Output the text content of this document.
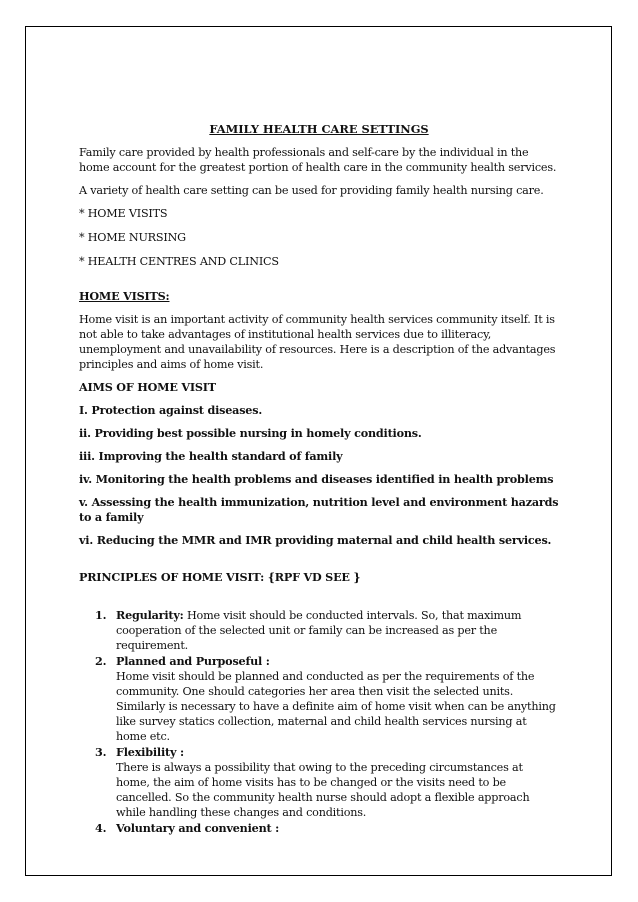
FAMILY HEALTH CARE SETTINGS

Family care provided by health professionals and self-care by the individual in the home account for the greatest portion of health care in the community health services.

A variety of health care setting can be used for providing family health nursing care.

* HOME VISITS

* HOME NURSING

* HEALTH CENTRES AND CLINICS

HOME VISITS:

Home visit is an important activity of community health services community itself. It is not able to take advantages of institutional health services due to illiteracy, unemployment and unavailability of resources. Here is a description of the advantages principles and aims of home visit.

AIMS OF HOME VISIT

I. Protection against diseases.

ii. Providing best possible nursing in homely conditions.

iii. Improving the health standard of family

iv. Monitoring the health problems and diseases identified in health problems

v. Assessing the health immunization, nutrition level and environment hazards to a family

vi. Reducing the MMR and IMR providing maternal and child health services.

PRINCIPLES OF HOME VISIT: {RPF VD SEE }

1. Regularity: Home visit should be conducted intervals. So, that maximum cooperation of the selected unit or family can be increased as per the requirement.
2. Planned and Purposeful :
Home visit should be planned and conducted as per the requirements of the community. One should categories her area then visit the selected units.
Similarly is necessary to have a definite aim of home visit when can be anything like survey statics collection, maternal and child health services nursing at home etc.
3. Flexibility :
There is always a possibility that owing to the preceding circumstances at home, the aim of home visits has to be changed or the visits need to be cancelled. So the community health nurse should adopt a flexible approach while handling these changes and conditions.
4. Voluntary and convenient :
